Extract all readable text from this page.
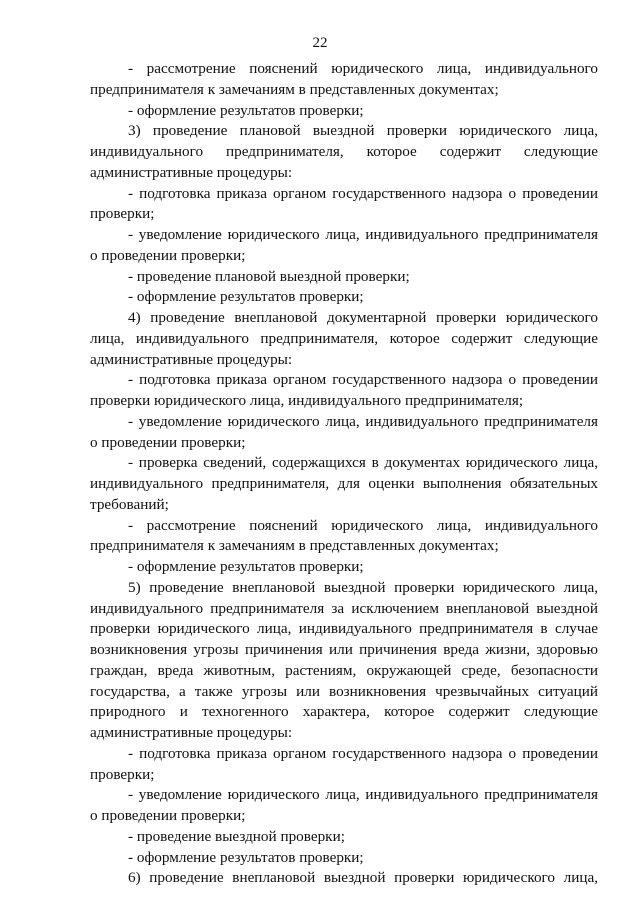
22

- рассмотрение пояснений юридического лица, индивидуального предпринимателя к замечаниям в представленных документах;

- оформление результатов проверки;

3) проведение плановой выездной проверки юридического лица, индивидуального предпринимателя, которое содержит следующие административные процедуры:

- подготовка приказа органом государственного надзора о проведении проверки;

- уведомление юридического лица, индивидуального предпринимателя о проведении проверки;

- проведение плановой выездной проверки;

- оформление результатов проверки;

4) проведение внеплановой документарной проверки юридического лица, индивидуального предпринимателя, которое содержит следующие административные процедуры:

- подготовка приказа органом государственного надзора о проведении проверки юридического лица, индивидуального предпринимателя;

- уведомление юридического лица, индивидуального предпринимателя о проведении проверки;

- проверка сведений, содержащихся в документах юридического лица, индивидуального предпринимателя, для оценки выполнения обязательных требований;

- рассмотрение пояснений юридического лица, индивидуального предпринимателя к замечаниям в представленных документах;

- оформление результатов проверки;

5) проведение внеплановой выездной проверки юридического лица, индивидуального предпринимателя за исключением внеплановой выездной проверки юридического лица, индивидуального предпринимателя в случае возникновения угрозы причинения или причинения вреда жизни, здоровью граждан, вреда животным, растениям, окружающей среде, безопасности государства, а также угрозы или возникновения чрезвычайных ситуаций природного и техногенного характера, которое содержит следующие административные процедуры:

- подготовка приказа органом государственного надзора о проведении проверки;

- уведомление юридического лица, индивидуального предпринимателя о проведении проверки;

- проведение выездной проверки;

- оформление результатов проверки;

6) проведение внеплановой выездной проверки юридического лица,
